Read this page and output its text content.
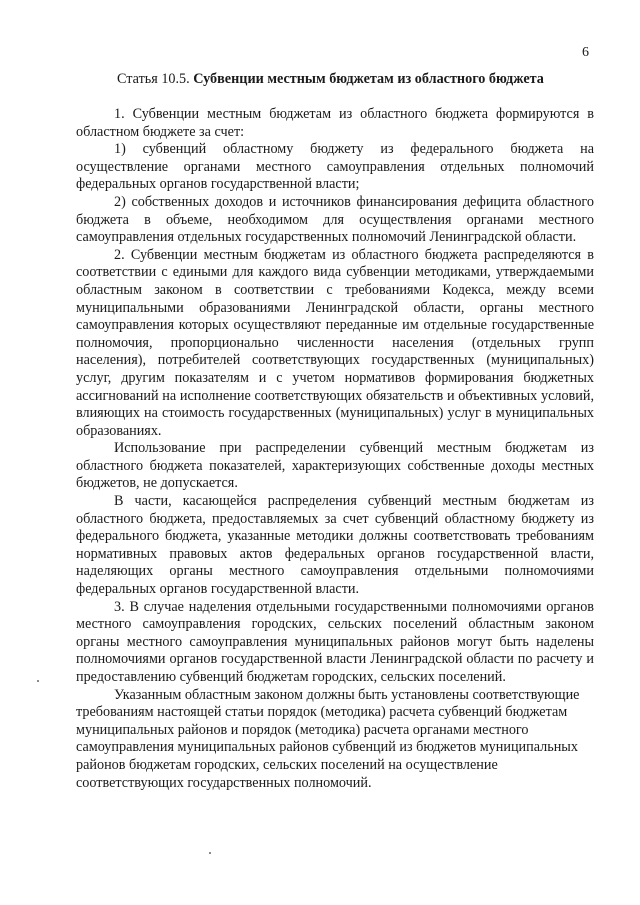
6
Статья 10.5. Субвенции местным бюджетам из областного бюджета

1. Субвенции местным бюджетам из областного бюджета формируются в областном бюджете за счет:

1) субвенций областному бюджету из федерального бюджета на осуществление органами местного самоуправления отдельных полномочий федеральных органов государственной власти;

2) собственных доходов и источников финансирования дефицита областного бюджета в объеме, необходимом для осуществления органами местного самоуправления отдельных государственных полномочий Ленинградской области.

2. Субвенции местным бюджетам из областного бюджета распределяются в соответствии с едиными для каждого вида субвенции методиками, утверждаемыми областным законом в соответствии с требованиями Кодекса, между всеми муниципальными образованиями Ленинградской области, органы местного самоуправления которых осуществляют переданные им отдельные государственные полномочия, пропорционально численности населения (отдельных групп населения), потребителей соответствующих государственных (муниципальных) услуг, другим показателям и с учетом нормативов формирования бюджетных ассигнований на исполнение соответствующих обязательств и объективных условий, влияющих на стоимость государственных (муниципальных) услуг в муниципальных образованиях.

Использование при распределении субвенций местным бюджетам из областного бюджета показателей, характеризующих собственные доходы местных бюджетов, не допускается.

В части, касающейся распределения субвенций местным бюджетам из областного бюджета, предоставляемых за счет субвенций областному бюджету из федерального бюджета, указанные методики должны соответствовать требованиям нормативных правовых актов федеральных органов государственной власти, наделяющих органы местного самоуправления отдельными полномочиями федеральных органов государственной власти.

3. В случае наделения отдельными государственными полномочиями органов местного самоуправления городских, сельских поселений областным законом органы местного самоуправления муниципальных районов могут быть наделены полномочиями органов государственной власти Ленинградской области по расчету и предоставлению субвенций бюджетам городских, сельских поселений.

Указанным областным законом должны быть установлены соответствующие требованиям настоящей статьи порядок (методика) расчета субвенций бюджетам муниципальных районов и порядок (методика) расчета органами местного самоуправления муниципальных районов субвенций из бюджетов муниципальных районов бюджетам городских, сельских поселений на осуществление соответствующих государственных полномочий.
